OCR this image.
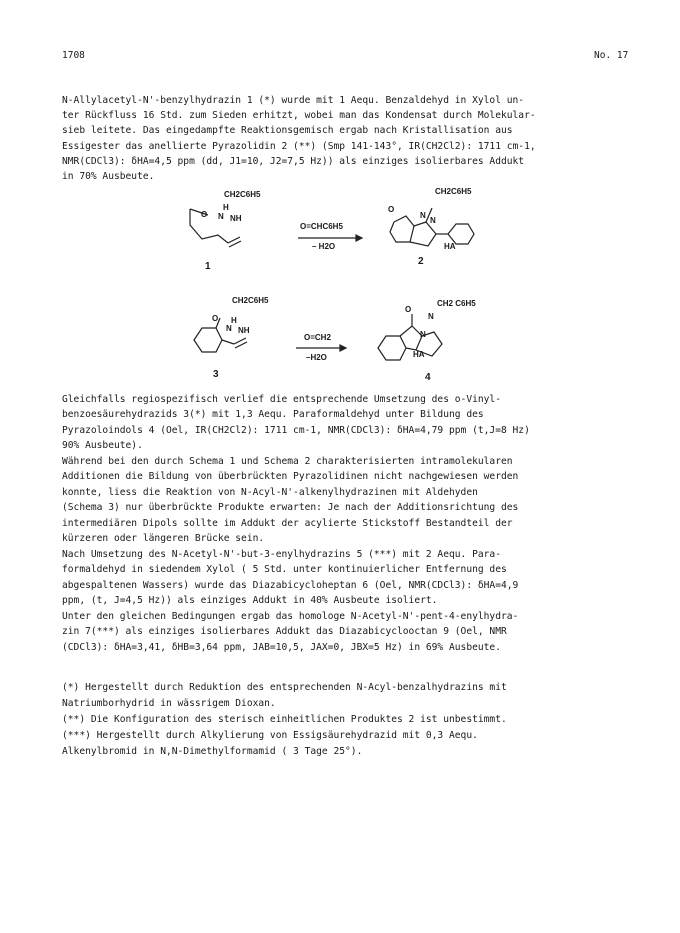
1708	No. 17
N-Allylacetyl-N'-benzylhydrazin 1 (*) wurde mit 1 Aequ. Benzaldehyd in Xylol un-
ter Rückfluss 16 Std. zum Sieden erhitzt, wobei man das Kondensat durch Molekular-
sieb leitete. Das eingedampfte Reaktionsgemisch ergab nach Kristallisation aus
Essigester das anellierte Pyrazolidin 2 (**) (Smp 141-143°, IR(CH2Cl2): 1711 cm-1,
NMR(CDCl3): δHA=4,5 ppm (dd, J1=10, J2=7,5 Hz)) als einziges isolierbares Addukt
in 70% Ausbeute.
O
H
N NH
CH2C6H5
1
O=CHC6H5
– H2O
O
N
N
CH2C6H5
HA
2
O H
N NH
CH2C6H5
3
O=CH2
–H2O
O
N
N
CH2 C6H5
HA
4
Gleichfalls regiospezifisch verlief die entsprechende Umsetzung des o-Vinyl-
benzoesäurehydrazids 3(*) mit 1,3 Aequ. Paraformaldehyd unter Bildung des
Pyrazoloindols 4 (Oel, IR(CH2Cl2): 1711 cm-1, NMR(CDCl3): δHA=4,79 ppm (t,J=8 Hz)
90% Ausbeute).
Während bei den durch Schema 1 und Schema 2 charakterisierten intramolekularen
Additionen die Bildung von überbrückten Pyrazolidinen nicht nachgewiesen werden
konnte, liess die Reaktion von N-Acyl-N'-alkenylhydrazinen mit Aldehyden
(Schema 3) nur überbrückte Produkte erwarten: Je nach der Additionsrichtung des
intermediären Dipols sollte im Addukt der acylierte Stickstoff Bestandteil der
kürzeren oder längeren Brücke sein.
Nach Umsetzung des N-Acetyl-N'-but-3-enylhydrazins 5 (***) mit 2 Aequ. Para-
formaldehyd in siedendem Xylol ( 5 Std. unter kontinuierlicher Entfernung des
abgespaltenen Wassers) wurde das Diazabicycloheptan 6 (Oel, NMR(CDCl3): δHA=4,9
ppm, (t, J=4,5 Hz)) als einziges Addukt in 40% Ausbeute isoliert.
Unter den gleichen Bedingungen ergab das homologe N-Acetyl-N'-pent-4-enylhydra-
zin 7(***) als einziges isolierbares Addukt das Diazabicyclooctan 9 (Oel, NMR
(CDCl3): δHA=3,41, δHB=3,64 ppm, JAB=10,5, JAX=0, JBX=5 Hz) in 69% Ausbeute.
(*) Hergestellt durch Reduktion des entsprechenden N-Acyl-benzalhydrazins mit
Natriumborhydrid in wässrigem Dioxan.
(**) Die Konfiguration des sterisch einheitlichen Produktes 2 ist unbestimmt.
(***) Hergestellt durch Alkylierung von Essigsäurehydrazid mit 0,3 Aequ.
Alkenylbromid in N,N-Dimethylformamid ( 3 Tage 25°).
